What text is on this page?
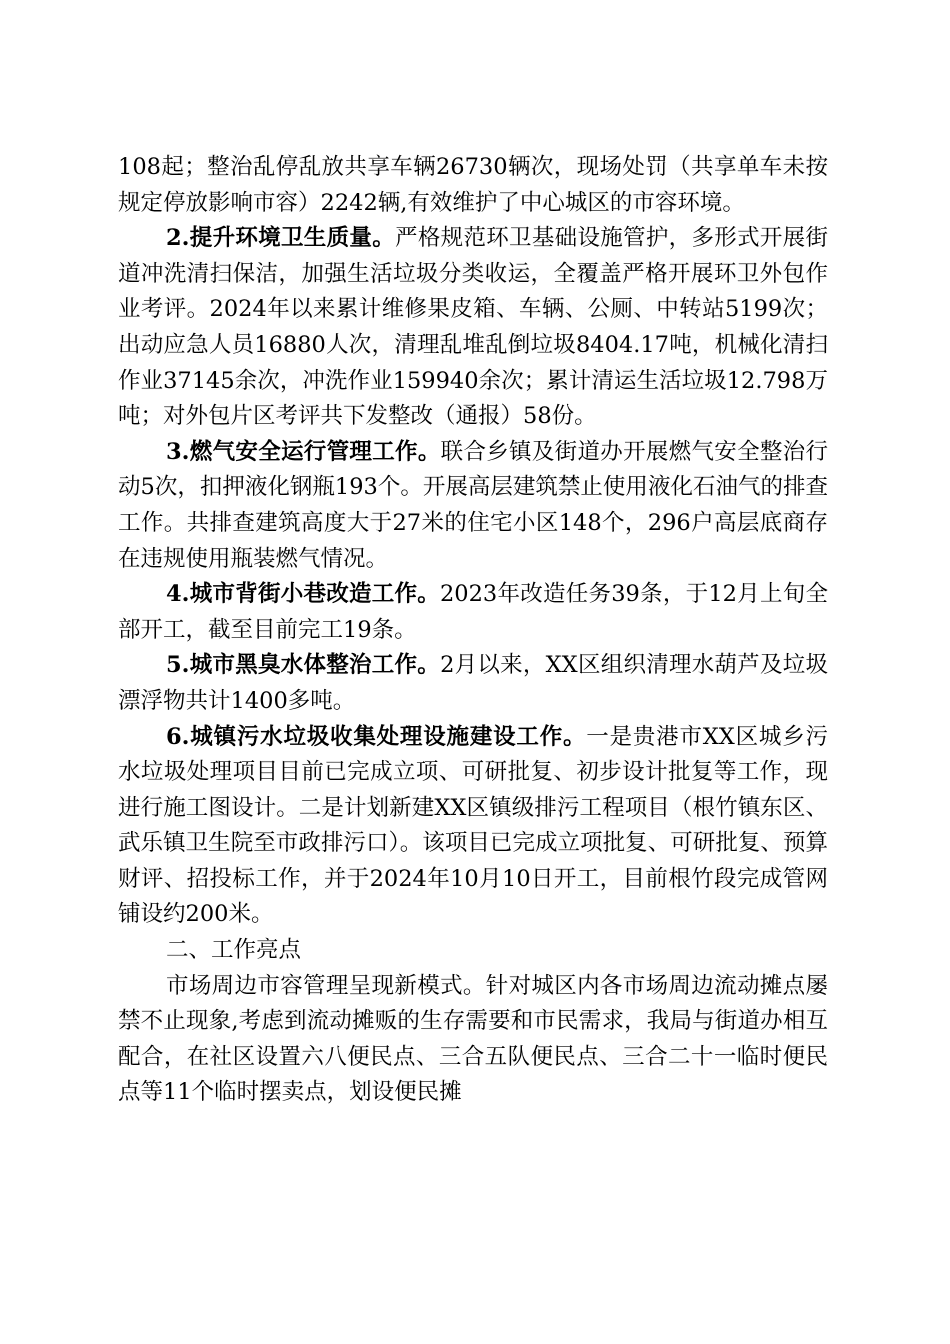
108起；整治乱停乱放共享车辆26730辆次，现场处罚（共享单车未按规定停放影响市容）2242辆,有效维护了中心城区的市容环境。

2.提升环境卫生质量。严格规范环卫基础设施管护，多形式开展街道冲洗清扫保洁，加强生活垃圾分类收运，全覆盖严格开展环卫外包作业考评。2024年以来累计维修果皮箱、车辆、公厕、中转站5199次；出动应急人员16880人次，清理乱堆乱倒垃圾8404.17吨，机械化清扫作业37145余次，冲洗作业159940余次；累计清运生活垃圾12.798万吨；对外包片区考评共下发整改（通报）58份。

3.燃气安全运行管理工作。联合乡镇及街道办开展燃气安全整治行动5次，扣押液化钢瓶193个。开展高层建筑禁止使用液化石油气的排查工作。共排查建筑高度大于27米的住宅小区148个，296户高层底商存在违规使用瓶装燃气情况。

4.城市背街小巷改造工作。2023年改造任务39条，于12月上旬全部开工，截至目前完工19条。

5.城市黑臭水体整治工作。2月以来，XX区组织清理水葫芦及垃圾漂浮物共计1400多吨。

6.城镇污水垃圾收集处理设施建设工作。一是贵港市XX区城乡污水垃圾处理项目目前已完成立项、可研批复、初步设计批复等工作，现进行施工图设计。二是计划新建XX区镇级排污工程项目（根竹镇东区、武乐镇卫生院至市政排污口）。该项目已完成立项批复、可研批复、预算财评、招投标工作，并于2024年10月10日开工，目前根竹段完成管网铺设约200米。

二、工作亮点

市场周边市容管理呈现新模式。针对城区内各市场周边流动摊点屡禁不止现象,考虑到流动摊贩的生存需要和市民需求，我局与街道办相互配合，在社区设置六八便民点、三合五队便民点、三合二十一临时便民点等11个临时摆卖点，划设便民摊
